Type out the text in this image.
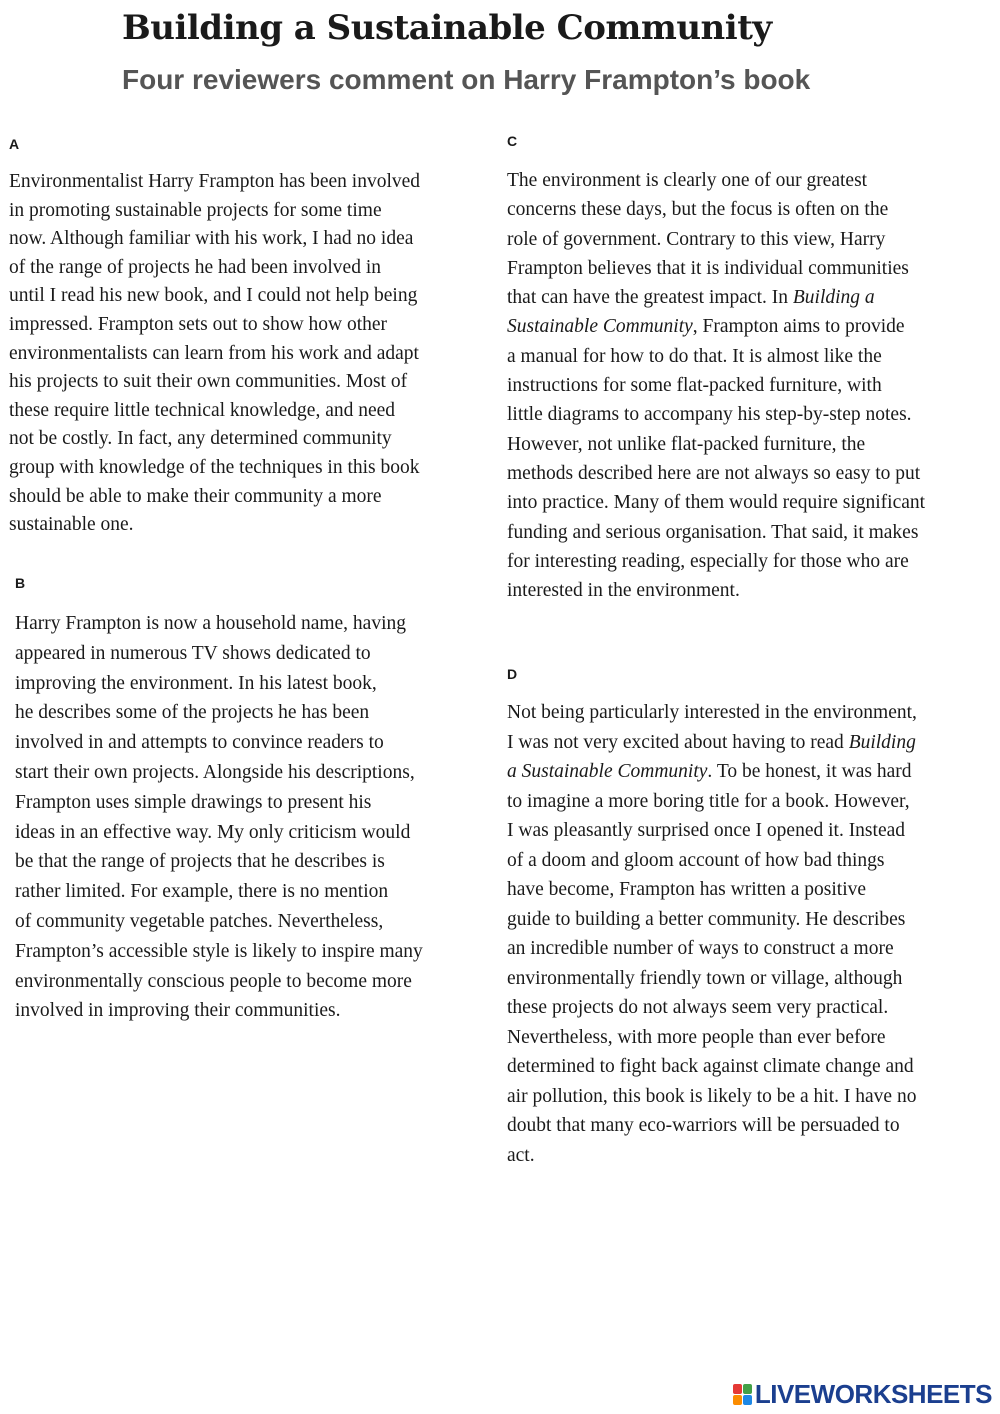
Building a Sustainable Community
Four reviewers comment on Harry Frampton’s book

A

Environmentalist Harry Frampton has been involved
in promoting sustainable projects for some time
now. Although familiar with his work, I had no idea
of the range of projects he had been involved in
until I read his new book, and I could not help being
impressed. Frampton sets out to show how other
environmentalists can learn from his work and adapt
his projects to suit their own communities. Most of
these require little technical knowledge, and need
not be costly. In fact, any determined community
group with knowledge of the techniques in this book
should be able to make their community a more
sustainable one.

B

Harry Frampton is now a household name, having
appeared in numerous TV shows dedicated to
improving the environment. In his latest book,
he describes some of the projects he has been
involved in and attempts to convince readers to
start their own projects. Alongside his descriptions,
Frampton uses simple drawings to present his
ideas in an effective way. My only criticism would
be that the range of projects that he describes is
rather limited. For example, there is no mention
of community vegetable patches. Nevertheless,
Frampton’s accessible style is likely to inspire many
environmentally conscious people to become more
involved in improving their communities.

C

The environment is clearly one of our greatest
concerns these days, but the focus is often on the
role of government. Contrary to this view, Harry
Frampton believes that it is individual communities
that can have the greatest impact. In Building a
Sustainable Community, Frampton aims to provide
a manual for how to do that. It is almost like the
instructions for some flat-packed furniture, with
little diagrams to accompany his step-by-step notes.
However, not unlike flat-packed furniture, the
methods described here are not always so easy to put
into practice. Many of them would require significant
funding and serious organisation. That said, it makes
for interesting reading, especially for those who are
interested in the environment.

D

Not being particularly interested in the environment,
I was not very excited about having to read Building
a Sustainable Community. To be honest, it was hard
to imagine a more boring title for a book. However,
I was pleasantly surprised once I opened it. Instead
of a doom and gloom account of how bad things
have become, Frampton has written a positive
guide to building a better community. He describes
an incredible number of ways to construct a more
environmentally friendly town or village, although
these projects do not always seem very practical.
Nevertheless, with more people than ever before
determined to fight back against climate change and
air pollution, this book is likely to be a hit. I have no
doubt that many eco-warriors will be persuaded to
act.

LIVEWORKSHEETS
